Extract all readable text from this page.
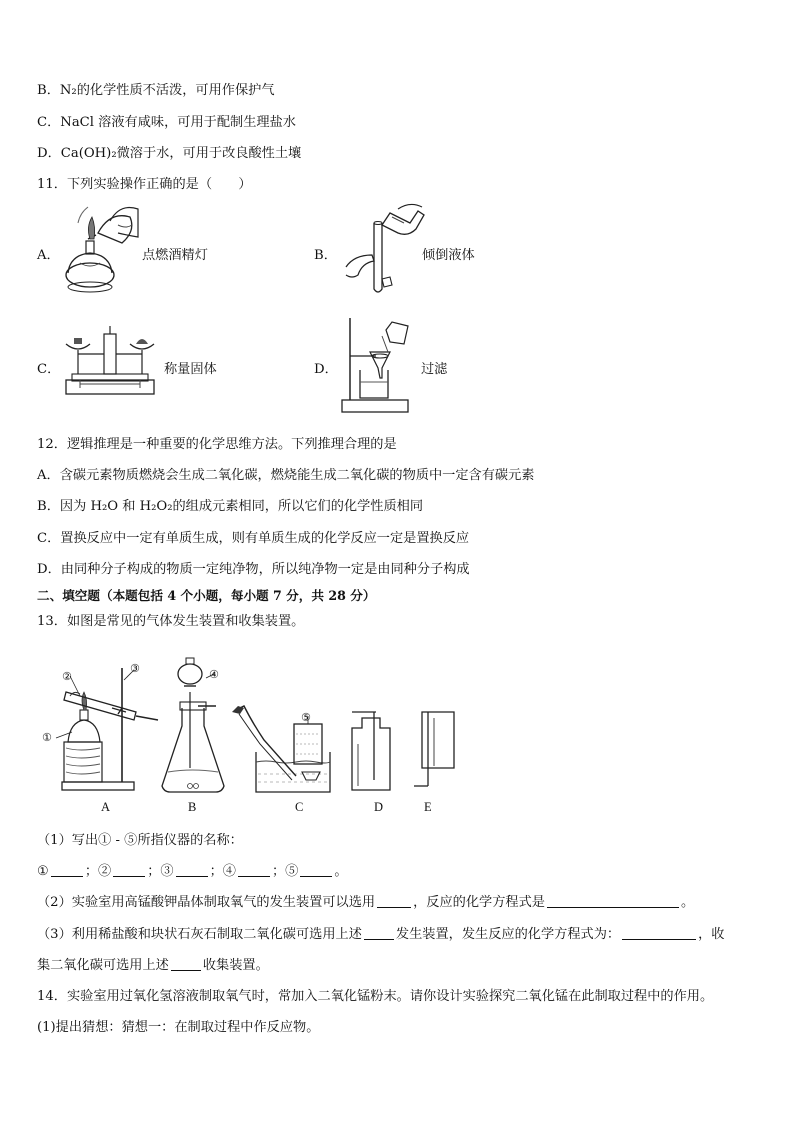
B．N₂的化学性质不活泼，可用作保护气
C．NaCl 溶液有咸味，可用于配制生理盐水
D．Ca(OH)₂微溶于水，可用于改良酸性土壤
11．下列实验操作正确的是（　　）
A．	点燃酒精灯	B．	倾倒液体
C．	称量固体	D．	过滤
12．逻辑推理是一种重要的化学思维方法。下列推理合理的是
A．含碳元素物质燃烧会生成二氧化碳，燃烧能生成二氧化碳的物质中一定含有碳元素
B．因为 H₂O 和 H₂O₂的组成元素相同，所以它们的化学性质相同
C．置换反应中一定有单质生成，则有单质生成的化学反应一定是置换反应
D．由同种分子构成的物质一定纯净物，所以纯净物一定是由同种分子构成
二、填空题（本题包括 4 个小题，每小题 7 分，共 28 分）
13．如图是常见的气体发生装置和收集装置。
A	B	C	D	E
②
③
①
④
⑤
（1）写出① - ⑤所指仪器的名称：
①	；②	；③	；④	；⑤	。
（2）实验室用高锰酸钾晶体制取氧气的发生装置可以选用	，反应的化学方程式是	。
（3）利用稀盐酸和块状石灰石制取二氧化碳可选用上述	发生装置，发生反应的化学方程式为：	，收
集二氧化碳可选用上述	收集装置。
14．实验室用过氧化氢溶液制取氧气时，常加入二氧化锰粉末。请你设计实验探究二氧化锰在此制取过程中的作用。
(1)提出猜想：猜想一：在制取过程中作反应物。
